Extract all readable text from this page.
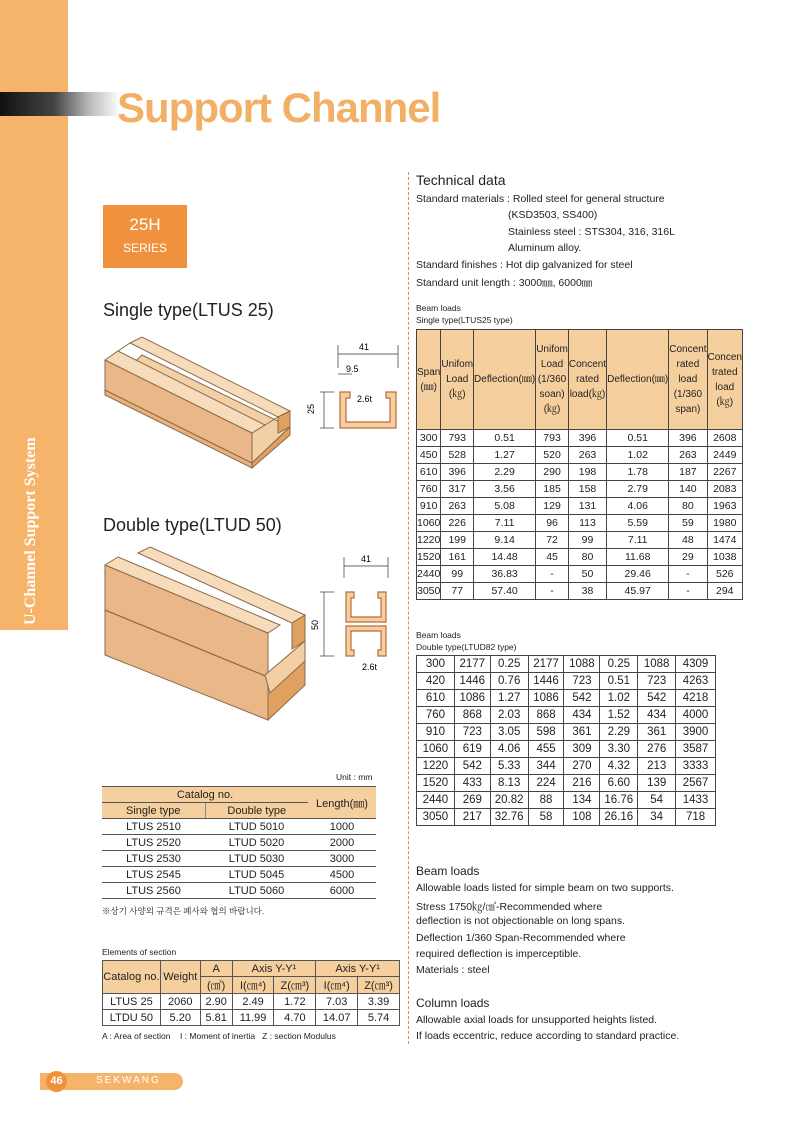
U-Channel Support System
Support Channel
25H
SERIES
Single type(LTUS 25)
41
9.5
25
2.6t
Double type(LTUD 50)
41
50
2.6t
Technical data
Standard materials : Rolled steel for general structure
(KSD3503, SS400)
Stainless steel : STS304, 316, 316L
Aluminum alloy.
Standard finishes : Hot dip galvanized for steel
Standard unit length : 3000㎜, 6000㎜
Beam loads
Single type(LTUS25 type)
Span (㎜)	Unifom Load (㎏)	Deflection(㎜)	Unifom Load (1/360 soan) (㎏)	Concent rated load(㎏)	Deflection(㎜)	Concent rated load (1/360 span)	Concen trated load (㎏)
300	793	0.51	793	396	0.51	396	2608
450	528	1.27	520	263	1.02	263	2449
610	396	2.29	290	198	1.78	187	2267
760	317	3.56	185	158	2.79	140	2083
910	263	5.08	129	131	4.06	80	1963
1060	226	7.11	96	113	5.59	59	1980
1220	199	9.14	72	99	7.11	48	1474
1520	161	14.48	45	80	11.68	29	1038
2440	99	36.83	-	50	29.46	-	526
3050	77	57.40	-	38	45.97	-	294
Beam loads
Double type(LTUD82 type)
300	2177	0.25	2177	1088	0.25	1088	4309
420	1446	0.76	1446	723	0.51	723	4263
610	1086	1.27	1086	542	1.02	542	4218
760	868	2.03	868	434	1.52	434	4000
910	723	3.05	598	361	2.29	361	3900
1060	619	4.06	455	309	3.30	276	3587
1220	542	5.33	344	270	4.32	213	3333
1520	433	8.13	224	216	6.60	139	2567
2440	269	20.82	88	134	16.76	54	1433
3050	217	32.76	58	108	26.16	34	718
Unit : mm
Catalog no.		Length(㎜)
Single type	Double type	
LTUS 2510	LTUD 5010	1000
LTUS 2520	LTUD 5020	2000
LTUS 2530	LTUD 5030	3000
LTUS 2545	LTUD 5045	4500
LTUS 2560	LTUD 5060	6000
※상기 사양외 규격은 폐사와 협의 바랍니다.
Elements of section
Catalog no.	Weight	A	Axis Y-Y¹		Axis Y-Y¹	
		(㎠)	I(㎝⁴)	Z(㎝³)	I(㎝⁴)	Z(㎝³)
LTUS 25	2060	2.90	2.49	1.72	7.03	3.39
LTDU 50	5.20	5.81	11.99	4.70	14.07	5.74
A : Area of section    I : Moment of inertia   Z : section Modulus
Beam loads
Allowable loads listed for simple beam on two supports.
Stress 1750㎏/㎠-Recommended where
deflection is not objectionable on long spans.
Deflection 1/360 Span-Recommended where
required deflection is imperceptible.
Materials : steel
Column loads
Allowable axial loads for unsupported heights listed.
If loads eccentric, reduce according to standard practice.
46	SEKWANG
